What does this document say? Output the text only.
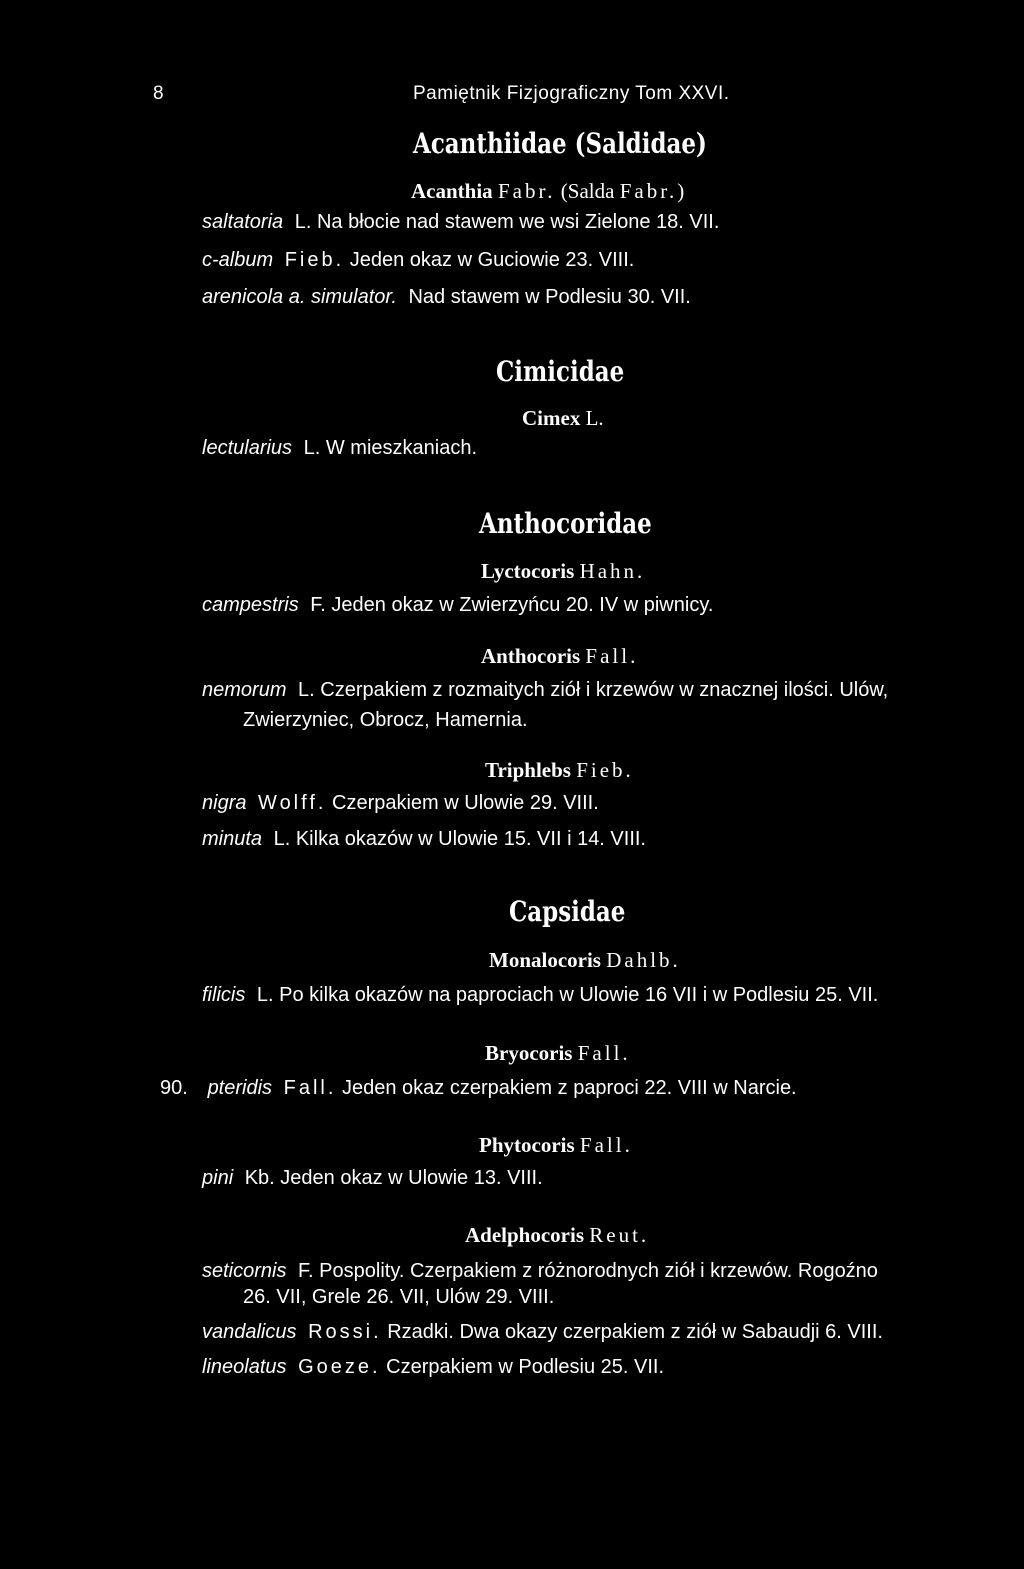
8	Pamiętnik Fizjograficzny Tom XXVI.
Acanthiidae (Saldidae)
Acanthia Fabr. (Salda Fabr.)
saltatoria L. Na błocie nad stawem we wsi Zielone 18. VII.
c-album Fieb. Jeden okaz w Guciowie 23. VIII.
arenicola a. simulator. Nad stawem w Podlesiu 30. VII.
Cimicidae
Cimex L.
lectularius L. W mieszkaniach.
Anthocoridae
Lyctocoris Hahn.
campestris F. Jeden okaz w Zwierzyńcu 20. IV w piwnicy.
Anthocoris Fall.
nemorum L. Czerpakiem z rozmaitych ziół i krzewów w znacznej ilości. Ulów,
Zwierzyniec, Obrocz, Hamernia.
Triphlebs Fieb.
nigra Wolff. Czerpakiem w Ulowie 29. VIII.
minuta L. Kilka okazów w Ulowie 15. VII i 14. VIII.
Capsidae
Monalocoris Dahlb.
filicis L. Po kilka okazów na paprociach w Ulowie 16 VII i w Podlesiu 25. VII.
Bryocoris Fall.
90. pteridis Fall. Jeden okaz czerpakiem z paproci 22. VIII w Narcie.
Phytocoris Fall.
pini Kb. Jeden okaz w Ulowie 13. VIII.
Adelphocoris Reut.
seticornis F. Pospolity. Czerpakiem z różnorodnych ziół i krzewów. Rogoźno
26. VII, Grele 26. VII, Ulów 29. VIII.
vandalicus Rossi. Rzadki. Dwa okazy czerpakiem z ziół w Sabaudji 6. VIII.
lineolatus Goeze. Czerpakiem w Podlesiu 25. VII.
